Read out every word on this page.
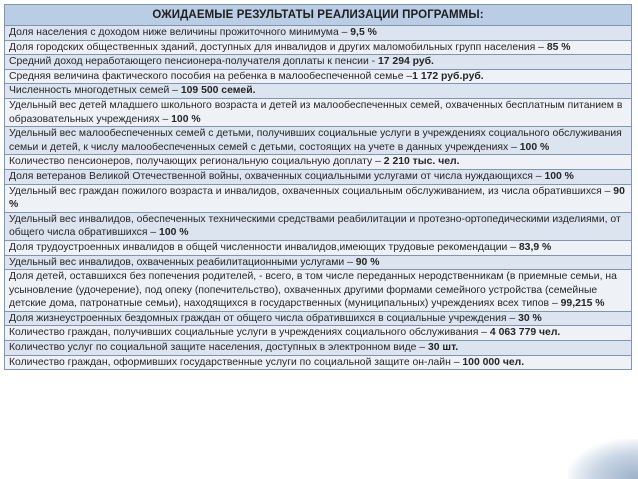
ОЖИДАЕМЫЕ РЕЗУЛЬТАТЫ РЕАЛИЗАЦИИ ПРОГРАММЫ:
Доля населения с доходом ниже величины прожиточного минимума – 9,5 %
Доля городских общественных зданий, доступных для инвалидов и других маломобильных групп населения – 85 %
Средний доход неработающего пенсионера-получателя доплаты к пенсии - 17 294 руб.
Средняя величина фактического пособия на ребенка в малообеспеченной семье –1 172 руб.руб.
Численность многодетных семей – 109 500 семей.
Удельный вес детей младшего школьного возраста и детей из малообеспеченных семей, охваченных бесплатным питанием в образовательных учреждениях – 100 %
Удельный вес малообеспеченных семей с детьми, получивших социальные услуги в учреждениях социального обслуживания семьи и детей, к числу малообеспеченных семей с детьми, состоящих на учете в данных учреждениях – 100 %
Количество пенсионеров, получающих региональную социальную доплату – 2 210 тыс. чел.
Доля ветеранов Великой Отечественной войны, охваченных социальными услугами от числа нуждающихся – 100 %
Удельный вес граждан пожилого возраста и инвалидов, охваченных социальным обслуживанием, из числа обратившихся – 90 %
Удельный вес инвалидов, обеспеченных техническими средствами реабилитации и протезно-ортопедическими изделиями, от общего числа обратившихся – 100 %
Доля трудоустроенных инвалидов в общей численности инвалидов,имеющих трудовые рекомендации – 83,9 %
Удельный вес инвалидов, охваченных реабилитационными услугами – 90 %
Доля детей, оставшихся без попечения родителей, - всего, в том числе переданных неродственникам (в приемные семьи, на усыновление (удочерение), под опеку (попечительство), охваченных другими формами семейного устройства (семейные детские дома, патронатные семьи), находящихся в государственных (муниципальных) учреждениях всех типов – 99,215 %
Доля жизнеустроенных бездомных граждан от общего числа обратившихся в социальные учреждения – 30 %
Количество граждан, получивших социальные услуги в учреждениях социального обслуживания – 4 063 779 чел.
Количество услуг по социальной защите населения, доступных в электронном виде – 30 шт.
Количество граждан, оформивших государственные услуги по социальной защите он-лайн – 100 000 чел.
